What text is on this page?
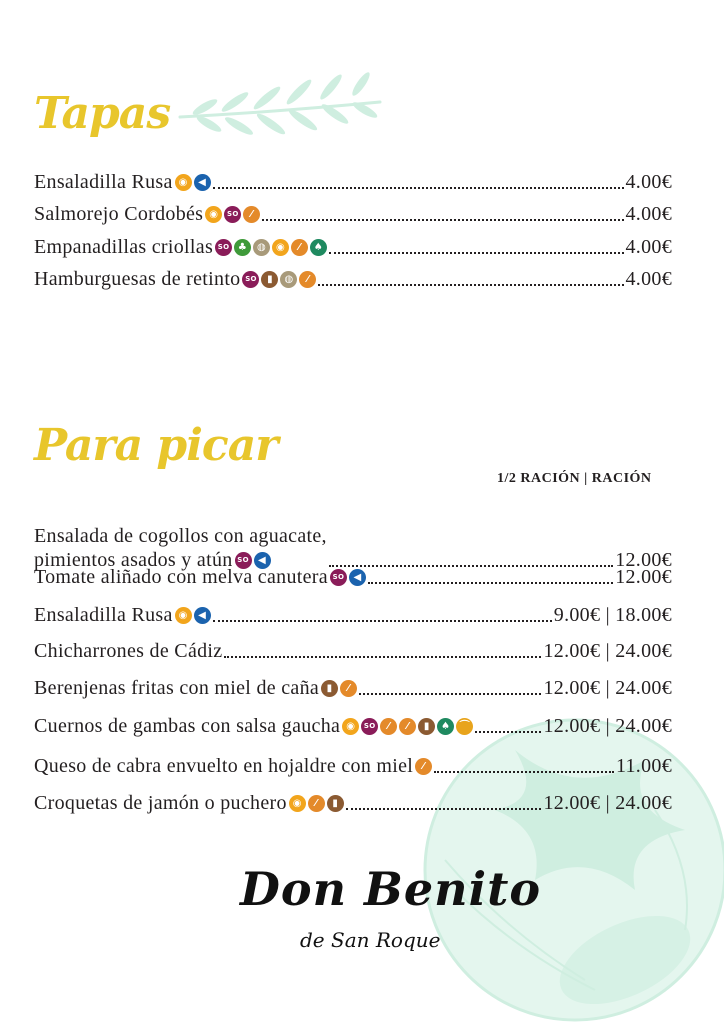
Tapas
Ensaladilla Rusa ◉	◀	4.00€
Salmorejo Cordobés ◉	SO	⁄	4.00€
Empanadillas criollas SO ♣ ◍ ◉	⁄	♠	4.00€
Hamburguesas de retinto SO	▮	◍	⁄	4.00€
Para picar
1/2 RACIÓN | RACIÓN
Ensalada de cogollos con aguacate,
pimientos asados y atún SO ◀	12.00€
Tomate aliñado con melva canutera SO ◀	12.00€
Ensaladilla Rusa ◉	◀	9.00€ | 18.00€
Chicharrones de Cádiz	12.00€ | 24.00€
Berenjenas fritas con miel de caña ▮	⁄	12.00€ | 24.00€
Cuernos de gambas con salsa gaucha ◉	SO	⁄	⁄	▮	♠ ⌒	12.00€ | 24.00€
Queso de cabra envuelto en hojaldre con miel ⁄	11.00€
Croquetas de jamón o puchero ◉	⁄	▮	12.00€ | 24.00€
Don Benito
de San Roque
